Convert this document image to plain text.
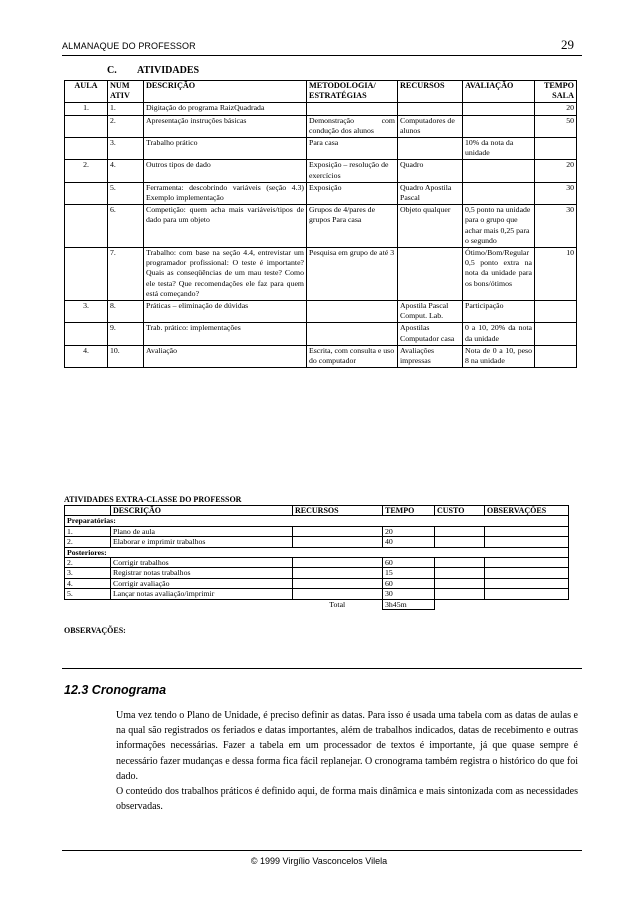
ALMANAQUE DO PROFESSOR	29
C. ATIVIDADES
AULA	NUM ATIV	DESCRIÇÃO	METODOLOGIA/ ESTRATÉGIAS	RECURSOS	AVALIAÇÃO	TEMPO SALA
1.	1.	Digitação do programa RaizQuadrada				20
	2.	Apresentação instruções básicas	Demonstração com condução dos alunos	Computadores de alunos		50
	3.	Trabalho prático	Para casa		10% da nota da unidade	
2.	4.	Outros tipos de dado	Exposição – resolução de exercícios	Quadro		20
	5.	Ferramenta: descobrindo variáveis (seção 4.3) Exemplo implementação	Exposição	Quadro Apostila Pascal		30
	6.	Competição: quem acha mais variáveis/tipos de dado para um objeto	Grupos de 4/pares de grupos Para casa	Objeto qualquer	0,5 ponto na unidade para o grupo que achar mais 0,25 para o segundo	30
	7.	Trabalho: com base na seção 4.4, entrevistar um programador profissional: O teste é importante? Quais as conseqüências de um mau teste? Como ele testa? Que recomendações ele faz para quem está começando?	Pesquisa em grupo de até 3		Ótimo/Bom/Regular 0,5 ponto extra na nota da unidade para os bons/ótimos	10
3.	8.	Práticas – eliminação de dúvidas		Apostila Pascal Comput. Lab.	Participação	
	9.	Trab. prático: implementações		Apostilas Computador casa	0 a 10, 20% da nota da unidade	
4.	10.	Avaliação	Escrita, com consulta e uso do computador	Avaliações impressas	Nota de 0 a 10, peso 8 na unidade	
ATIVIDADES EXTRA-CLASSE DO PROFESSOR
	DESCRIÇÃO	RECURSOS	TEMPO	CUSTO	OBSERVAÇÕES
Preparatórias:					
1.	Plano de aula		20		
2.	Elaborar e imprimir trabalhos		40		
Posteriores:					
2.	Corrigir trabalhos		60		
3.	Registrar notas trabalhos		15		
4.	Corrigir avaliação		60		
5.	Lançar notas avaliação/imprimir		30		
		Total	3h45m		
OBSERVAÇÕES:
12.3 Cronograma

Uma vez tendo o Plano de Unidade, é preciso definir as datas. Para isso é usada uma tabela com as datas de aulas e na qual são registrados os feriados e datas importantes, além de trabalhos indicados, datas de recebimento e outras informações necessárias. Fazer a tabela em um processador de textos é importante, já que quase sempre é necessário fazer mudanças e dessa forma fica fácil replanejar. O cronograma também registra o histórico do que foi dado.

O conteúdo dos trabalhos práticos é definido aqui, de forma mais dinâmica e mais sintonizada com as necessidades observadas.

© 1999 Virgílio Vasconcelos Vilela
